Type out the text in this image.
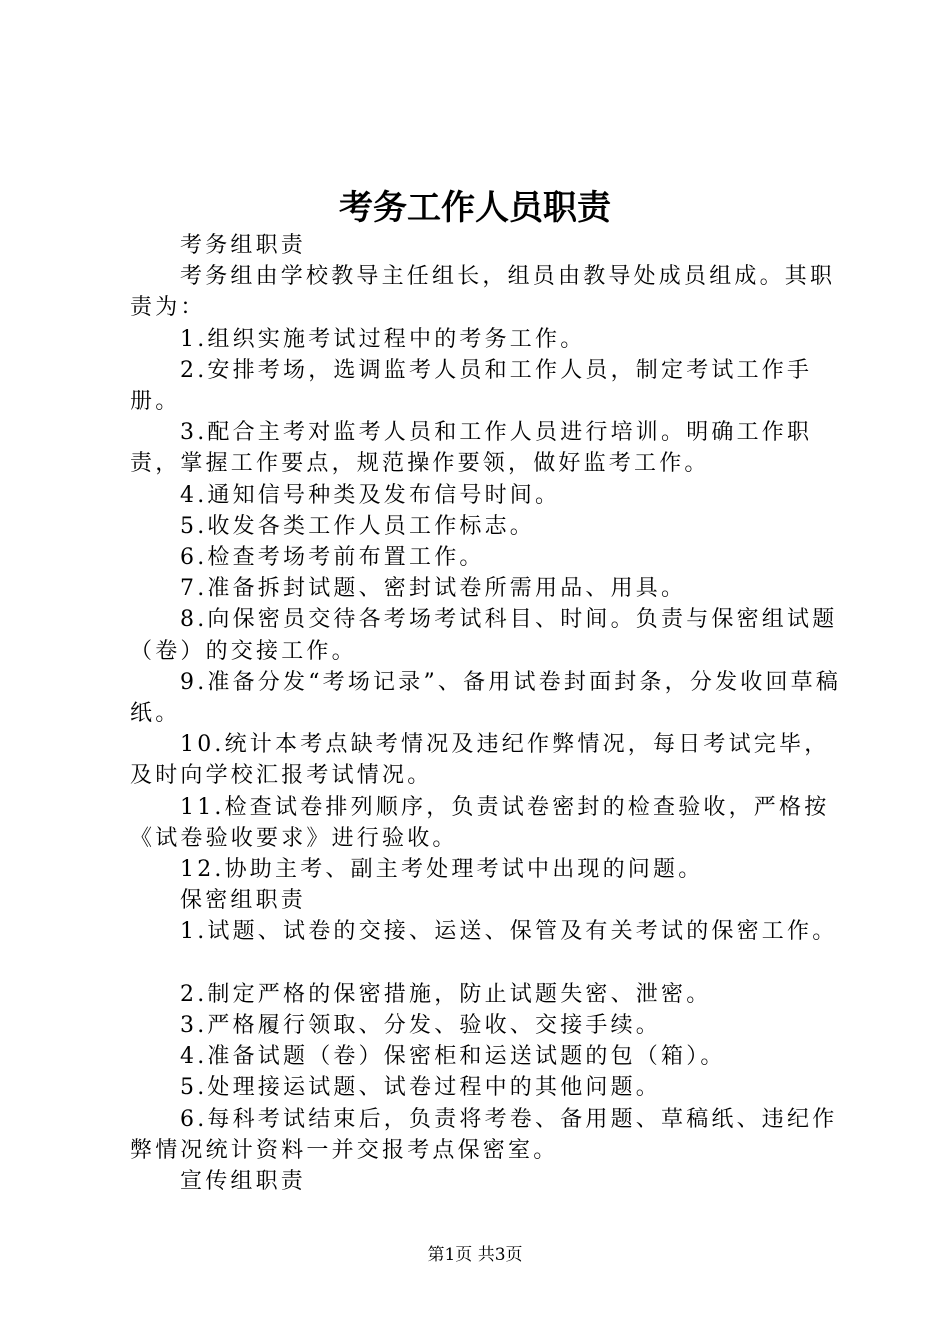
考务工作人员职责

考务组职责

考务组由学校教导主任组长，组员由教导处成员组成。其职责为：

1.组织实施考试过程中的考务工作。

2.安排考场，选调监考人员和工作人员，制定考试工作手册。

3.配合主考对监考人员和工作人员进行培训。明确工作职责，掌握工作要点，规范操作要领，做好监考工作。

4.通知信号种类及发布信号时间。

5.收发各类工作人员工作标志。

6.检查考场考前布置工作。

7.准备拆封试题、密封试卷所需用品、用具。

8.向保密员交待各考场考试科目、时间。负责与保密组试题（卷）的交接工作。

9.准备分发“考场记录”、备用试卷封面封条，分发收回草稿纸。

10.统计本考点缺考情况及违纪作弊情况，每日考试完毕，及时向学校汇报考试情况。

11.检查试卷排列顺序，负责试卷密封的检查验收，严格按《试卷验收要求》进行验收。

12.协助主考、副主考处理考试中出现的问题。

保密组职责

1.试题、试卷的交接、运送、保管及有关考试的保密工作。

2.制定严格的保密措施，防止试题失密、泄密。

3.严格履行领取、分发、验收、交接手续。

4.准备试题（卷）保密柜和运送试题的包（箱）。

5.处理接运试题、试卷过程中的其他问题。

6.每科考试结束后，负责将考卷、备用题、草稿纸、违纪作弊情况统计资料一并交报考点保密室。

宣传组职责

第1页 共3页
